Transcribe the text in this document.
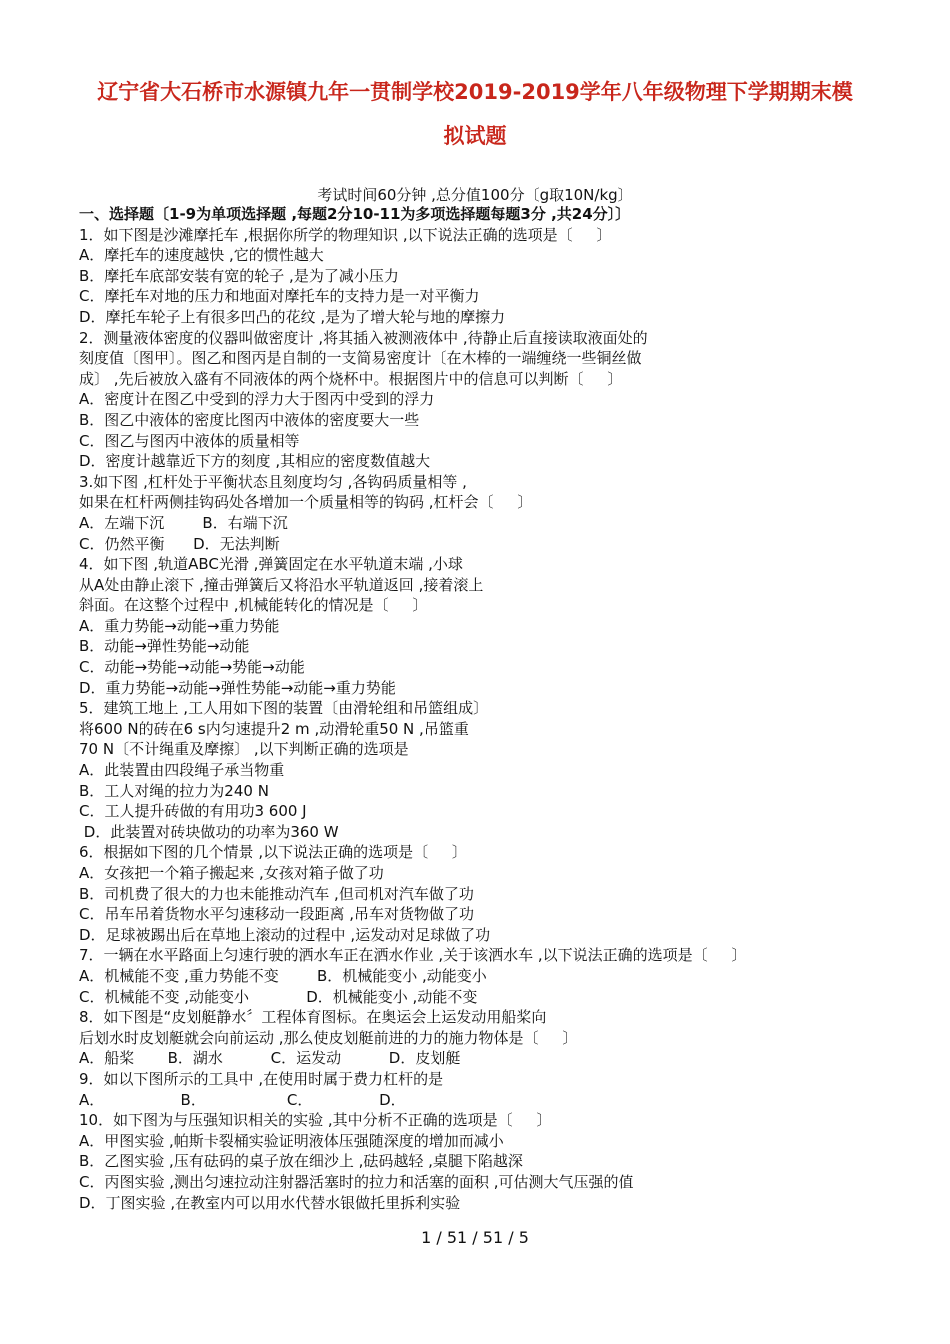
辽宁省大石桥市水源镇九年一贯制学校2019-2019学年八年级物理下学期期末模
拟试题
考试时间60分钟 ,总分值100分〔g取10N/kg〕
一、选择题〔1-9为单项选择题 ,每题2分10-11为多项选择题每题3分 ,共24分〕〕
1．如下图是沙滩摩托车 ,根据你所学的物理知识 ,以下说法正确的选项是〔     〕
A．摩托车的速度越快 ,它的惯性越大
B．摩托车底部安装有宽的轮子 ,是为了减小压力
C．摩托车对地的压力和地面对摩托车的支持力是一对平衡力
D．摩托车轮子上有很多凹凸的花纹 ,是为了增大轮与地的摩擦力
2．测量液体密度的仪器叫做密度计 ,将其插入被测液体中 ,待静止后直接读取液面处的
刻度值〔图甲〕。图乙和图丙是自制的一支简易密度计〔在木棒的一端缠绕一些铜丝做
成〕 ,先后被放入盛有不同液体的两个烧杯中。根据图片中的信息可以判断〔     〕
A．密度计在图乙中受到的浮力大于图丙中受到的浮力
B．图乙中液体的密度比图丙中液体的密度要大一些
C．图乙与图丙中液体的质量相等
D．密度计越靠近下方的刻度 ,其相应的密度数值越大
3.如下图 ,杠杆处于平衡状态且刻度均匀 ,各钩码质量相等 ,
如果在杠杆两侧挂钩码处各增加一个质量相等的钩码 ,杠杆会〔     〕
A．左端下沉        B．右端下沉
C．仍然平衡      D．无法判断
4．如下图 ,轨道ABC光滑 ,弹簧固定在水平轨道末端 ,小球
从A处由静止滚下 ,撞击弹簧后又将沿水平轨道返回 ,接着滚上
斜面。在这整个过程中 ,机械能转化的情况是〔     〕
A．重力势能→动能→重力势能
B．动能→弹性势能→动能
C．动能→势能→动能→势能→动能
D．重力势能→动能→弹性势能→动能→重力势能
5．建筑工地上 ,工人用如下图的装置〔由滑轮组和吊篮组成〕
将600 N的砖在6 s内匀速提升2 m ,动滑轮重50 N ,吊篮重
70 N〔不计绳重及摩擦〕 ,以下判断正确的选项是
A．此装置由四段绳子承当物重
B．工人对绳的拉力为240 N
C．工人提升砖做的有用功3 600 J
D．此装置对砖块做功的功率为360 W
6．根据如下图的几个情景 ,以下说法正确的选项是〔     〕
A．女孩把一个箱子搬起来 ,女孩对箱子做了功
B．司机费了很大的力也未能推动汽车 ,但司机对汽车做了功
C．吊车吊着货物水平匀速移动一段距离 ,吊车对货物做了功
D．足球被踢出后在草地上滚动的过程中 ,运发动对足球做了功
7．一辆在水平路面上匀速行驶的洒水车正在洒水作业 ,关于该洒水车 ,以下说法正确的选项是〔     〕
A．机械能不变 ,重力势能不变        B．机械能变小 ,动能变小
C．机械能不变 ,动能变小            D．机械能变小 ,动能不变
8．如下图是“皮划艇静水〞工程体育图标。在奥运会上运发动用船桨向
后划水时皮划艇就会向前运动 ,那么使皮划艇前进的力的施力物体是〔     〕
A．船桨       B．湖水          C．运发动          D．皮划艇
9．如以下图所示的工具中 ,在使用时属于费力杠杆的是
A．                B．                 C．              D．
10．如下图为与压强知识相关的实验 ,其中分析不正确的选项是〔     〕
A．甲图实验 ,帕斯卡裂桶实验证明液体压强随深度的增加而减小
B．乙图实验 ,压有砝码的桌子放在细沙上 ,砝码越轻 ,桌腿下陷越深
C．丙图实验 ,测出匀速拉动注射器活塞时的拉力和活塞的面积 ,可估测大气压强的值
D．丁图实验 ,在教室内可以用水代替水银做托里拆利实验
1 / 51 / 51 / 5
